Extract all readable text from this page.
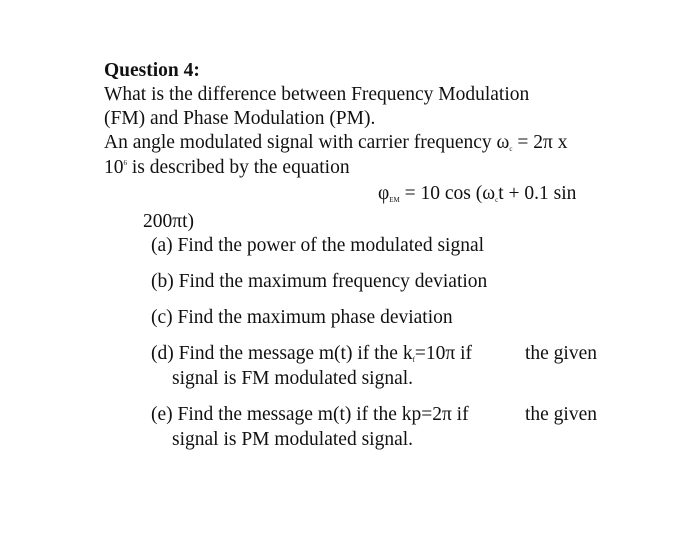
Question 4:
What is the difference between Frequency Modulation
(FM) and Phase Modulation (PM).
An angle modulated signal with carrier frequency $\omega_c = 2\pi$ x
$10^6$ is described by the equation
$\varphi_{EM} = 10$ $\cos (\omega_ct + 0.1$ sin
200πt)
(a) Find the power of the modulated signal
(b) Find the maximum frequency deviation
(c) Find the maximum phase deviation
(d) Find the message m(t) if the $k_f=10\pi$ if	the given
signal is FM modulated signal.
(e) Find the message m(t) if the kp=2π if	the given
signal is PM modulated signal.
